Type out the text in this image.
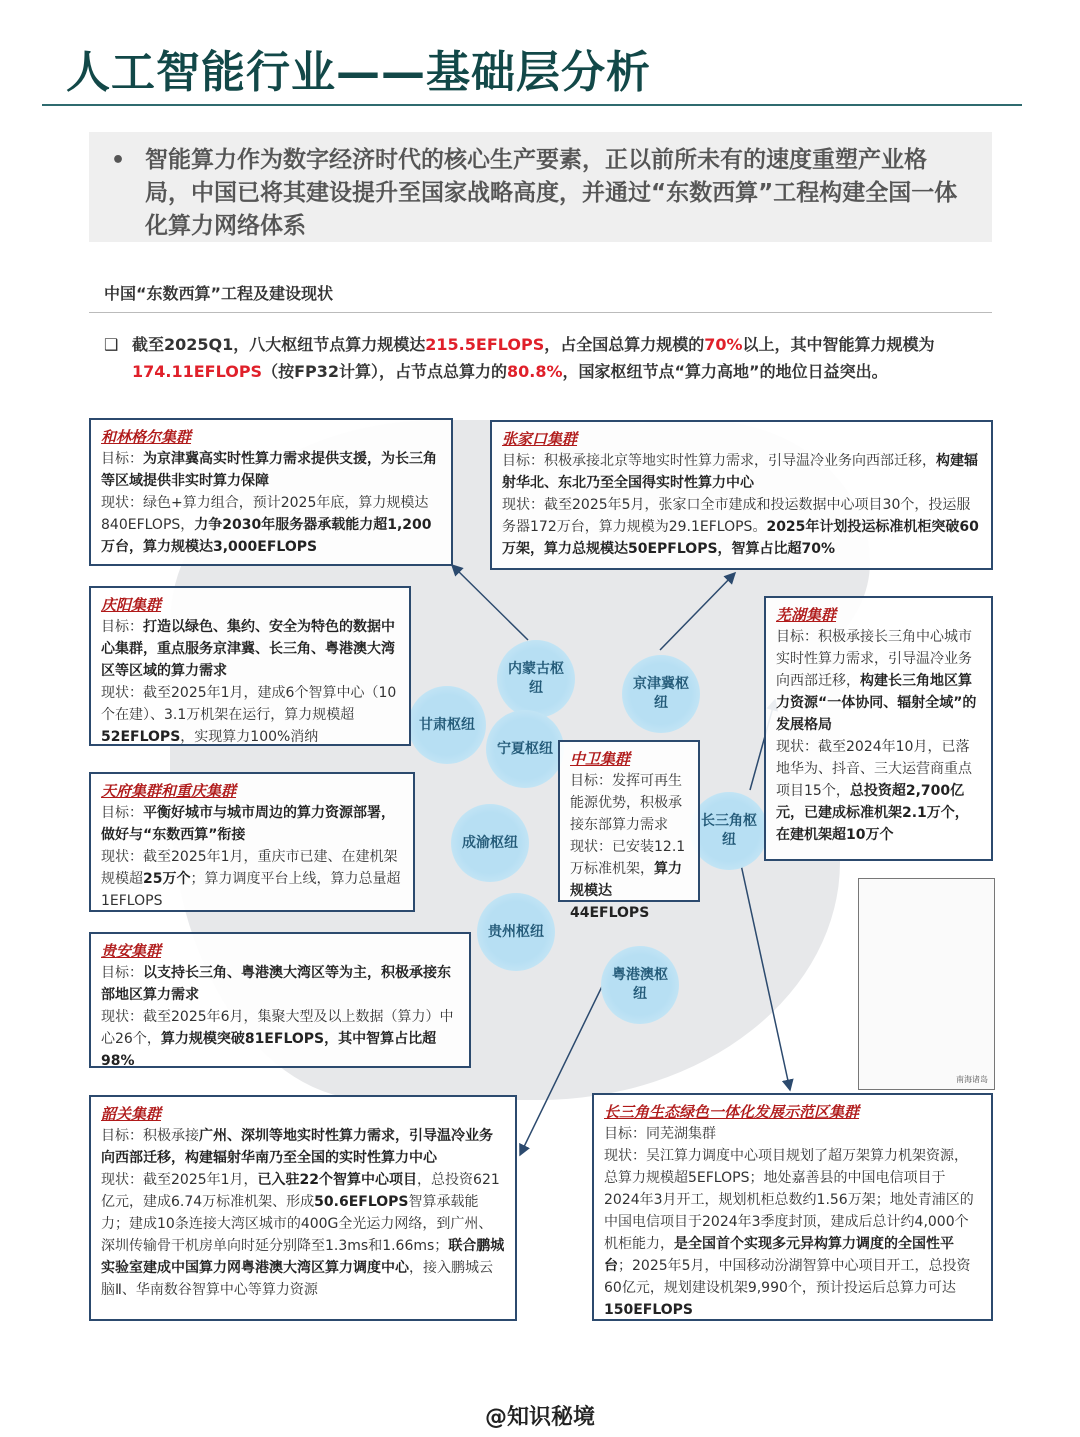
人工智能行业——基础层分析
• 智能算力作为数字经济时代的核心生产要素，正以前所未有的速度重塑产业格局，中国已将其建设提升至国家战略高度，并通过“东数西算”工程构建全国一体化算力网络体系
中国“东数西算”工程及建设现状
❑ 截至2025Q1，八大枢纽节点算力规模达215.5EFLOPS，占全国总算力规模的70%以上，其中智能算力规模为174.11EFLOPS（按FP32计算），占节点总算力的80.8%，国家枢纽节点“算力高地”的地位日益突出。
南海诸岛
内蒙古枢纽	京津冀枢纽
甘肃枢纽
宁夏枢纽
成渝枢纽
长三角枢纽
贵州枢纽
粤港澳枢纽
和林格尔集群
目标：为京津冀高实时性算力需求提供支援，为长三角等区域提供非实时算力保障
现状：绿色+算力组合，预计2025年底，算力规模达 840EFLOPS，力争2030年服务器承载能力超1,200万台，算力规模达3,000EFLOPS
张家口集群
目标：积极承接北京等地实时性算力需求，引导温冷业务向西部迁移，构建辐射华北、东北乃至全国得实时性算力中心
现状：截至2025年5月，张家口全市建成和投运数据中心项目30个，投运服务器172万台，算力规模为29.1EFLOPS。2025年计划投运标准机柜突破60万架，算力总规模达50EPFLOPS，智算占比超70%
庆阳集群
目标：打造以绿色、集约、安全为特色的数据中心集群，重点服务京津冀、长三角、粤港澳大湾区等区域的算力需求
现状：截至2025年1月，建成6个智算中心（10个在建）、3.1万机架在运行，算力规模超52EFLOPS，实现算力100%消纳
芜湖集群
目标：积极承接长三角中心城市实时性算力需求，引导温冷业务向西部迁移，构建长三角地区算力资源“一体协同、辐射全域”的发展格局
现状：截至2024年10月，已落地华为、抖音、三大运营商重点项目15个，总投资超2,700亿元，已建成标准机架2.1万个，在建机架超10万个
天府集群和重庆集群
目标：平衡好城市与城市周边的算力资源部署，做好与“东数西算”衔接
现状：截至2025年1月，重庆市已建、在建机架规模超25万个；算力调度平台上线，算力总量超1EFLOPS
中卫集群
目标：发挥可再生能源优势，积极承接东部算力需求
现状：已安装12.1万标准机架，算力规模达44EFLOPS
贵安集群
目标：以支持长三角、粤港澳大湾区等为主，积极承接东部地区算力需求
现状：截至2025年6月，集聚大型及以上数据（算力）中心26个，算力规模突破81EFLOPS，其中智算占比超98%
韶关集群
目标：积极承接广州、深圳等地实时性算力需求，引导温冷业务向西部迁移，构建辐射华南乃至全国的实时性算力中心
现状：截至2025年1月，已入驻22个智算中心项目，总投资621亿元，建成6.74万标准机架、形成50.6EFLOPS智算承载能力；建成10条连接大湾区城市的400G全光运力网络，到广州、深圳传输骨干机房单向时延分别降至1.3ms和1.66ms；联合鹏城实验室建成中国算力网粤港澳大湾区算力调度中心，接入鹏城云脑Ⅱ、华南数谷智算中心等算力资源
长三角生态绿色一体化发展示范区集群
目标：同芜湖集群
现状：吴江算力调度中心项目规划了超万架算力机架资源，总算力规模超5EFLOPS；地处嘉善县的中国电信项目于2024年3月开工，规划机柜总数约1.56万架；地处青浦区的中国电信项目于2024年3季度封顶，建成后总计约4,000个机柜能力，是全国首个实现多元异构算力调度的全国性平台；2025年5月，中国移动汾湖智算中心项目开工，总投资60亿元，规划建设机架9,990个，预计投运后总算力可达150EFLOPS
@知识秘境
